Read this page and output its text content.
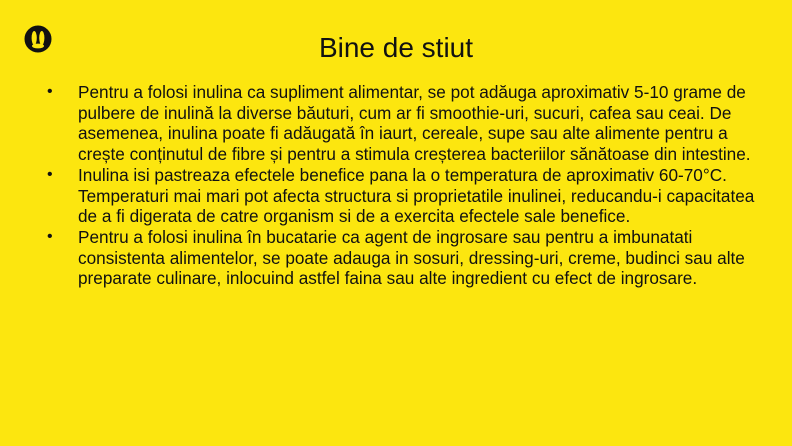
Bine de stiut
• Pentru a folosi inulina ca supliment alimentar, se pot adăuga aproximativ 5-10 grame de pulbere de inulină la diverse băuturi, cum ar fi smoothie-uri, sucuri, cafea sau ceai. De asemenea, inulina poate fi adăugată în iaurt, cereale, supe sau alte alimente pentru a crește conținutul de fibre și pentru a stimula creșterea bacteriilor sănătoase din intestine.
• Inulina isi pastreaza efectele benefice pana la o temperatura de aproximativ 60-70°C. Temperaturi mai mari pot afecta structura si proprietatile inulinei, reducandu-i capacitatea de a fi digerata de catre organism si de a exercita efectele sale benefice.
• Pentru a folosi inulina în bucatarie ca agent de ingrosare sau pentru a imbunatati consistenta alimentelor, se poate adauga in sosuri, dressing-uri, creme, budinci sau alte preparate culinare, inlocuind astfel faina sau alte ingredient cu efect de ingrosare.
